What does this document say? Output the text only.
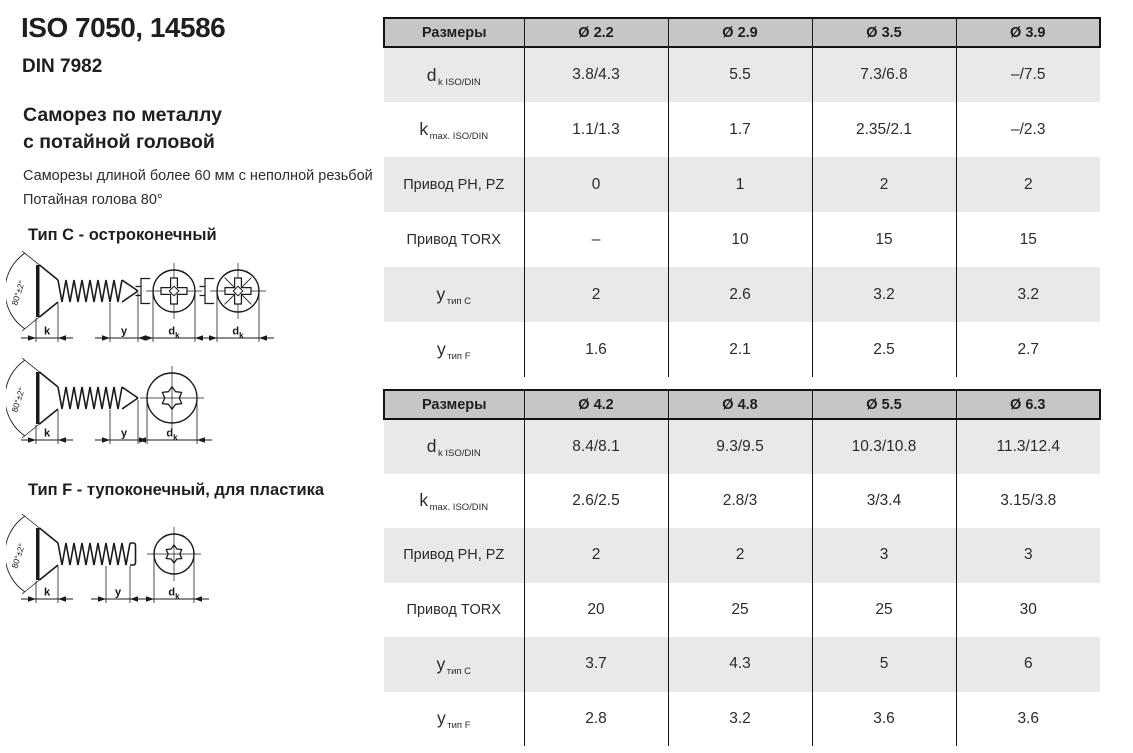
ISO 7050, 14586
DIN 7982
Саморез по металлу
с потайной головой
Саморезы длиной более 60 мм с неполной резьбой
Потайная голова 80°
Тип C - остроконечный
80°±2°
k	y	$d_k$	$d_k$
80°±2°
k	y	$d_k$
Тип F - тупоконечный, для пластика
80°±2°
k	y	$d_k$
Размеры	Ø 2.2	Ø 2.9	Ø 3.5	Ø 3.9
d $_{k ISO/DIN}$	3.8/4.3	5.5	7.3/6.8	–/7.5
k $_{max. ISO/DIN}$	1.1/1.3	1.7	2.35/2.1	–/2.3
Привод PH, PZ	0	1	2	2
Привод TORX	–	10	15	15
y $_{тип C}$	2	2.6	3.2	3.2
y $_{тип F}$	1.6	2.1	2.5	2.7
Размеры	Ø 4.2	Ø 4.8	Ø 5.5	Ø 6.3
d $_{k ISO/DIN}$	8.4/8.1	9.3/9.5	10.3/10.8	11.3/12.4
k $_{max. ISO/DIN}$	2.6/2.5	2.8/3	3/3.4	3.15/3.8
Привод PH, PZ	2	2	3	3
Привод TORX	20	25	25	30
y $_{тип C}$	3.7	4.3	5	6
y $_{тип F}$	2.8	3.2	3.6	3.6
